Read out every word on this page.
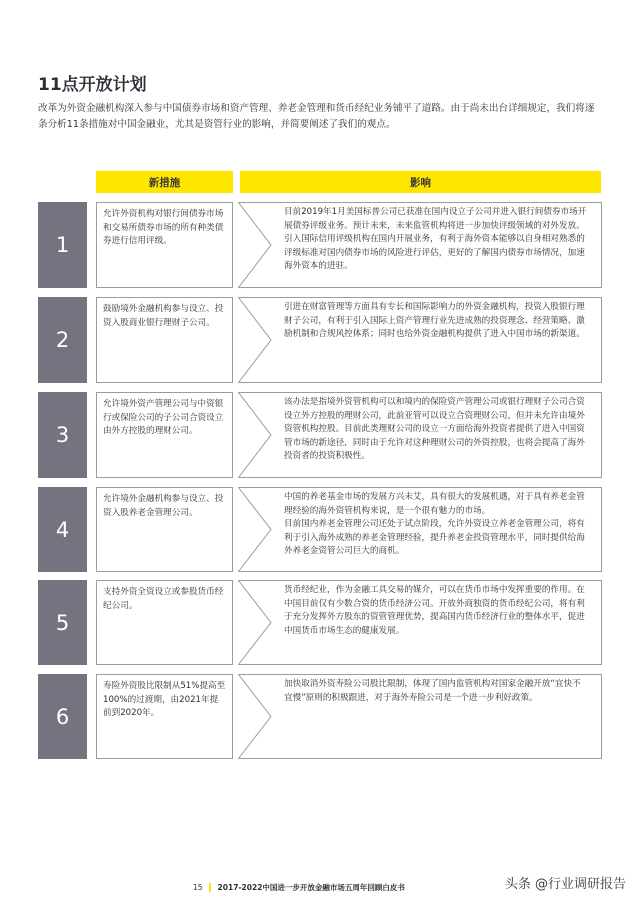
11点开放计划

改革为外资金融机构深入参与中国债券市场和资产管理、养老金管理和货币经纪业务铺平了道路。由于尚未出台详细规定，我们将逐条分析11条措施对中国金融业，尤其是资管行业的影响，并简要阐述了我们的观点。

新措施	影响
1
允许外资机构对银行间债券市场和交易所债券市场的所有种类债券进行信用评级。

目前2019年1月美国标普公司已获准在国内设立子公司并进入银行间债券市场开展债券评级业务。预计未来，未来监管机构将进一步加快评级领域的对外发放。

引入国际信用评级机构在国内开展业务，有利于海外资本能够以自身相对熟悉的评级标准对国内债券市场的风险进行评估，更好的了解国内债券市场情况，加速海外资本的进驻。

2
鼓励境外金融机构参与设立、投资入股商业银行理财子公司。

引进在财富管理等方面具有专长和国际影响力的外资金融机构，投资入股银行理财子公司，有利于引入国际上资产管理行业先进成熟的投资理念、经营策略、激励机制和合规风控体系；同时也给外资金融机构提供了进入中国市场的新渠道。

3
允许境外资产管理公司与中资银行或保险公司的子公司合资设立由外方控股的理财公司。

该办法是指境外资管机构可以和境内的保险资产管理公司或银行理财子公司合资设立外方控股的理财公司，此前亚管可以设立合资理财公司，但并未允许由境外资管机构控股。目前此类理财公司的设立一方面给海外投资者提供了进入中国资管市场的新途径，同时由于允许对这种理财公司的外资控股，也将会提高了海外投资者的投资积极性。

4
允许境外金融机构参与设立、投资入股养老金管理公司。

中国的养老基金市场的发展方兴未艾，具有很大的发展机遇，对于具有养老金管理经验的海外资管机构来说，是一个很有魅力的市场。

目前国内养老金管理公司还处于试点阶段，允许外资设立养老金管理公司，将有利于引入海外成熟的养老金管理经验，提升养老金投资管理水平，同时提供给海外养老金资管公司巨大的商机。

5
支持外资全资设立或参股货币经纪公司。

货币经纪业，作为金融工具交易的媒介，可以在货币市场中发挥重要的作用。在中国目前仅有少数合资的货币经济公司。开放外商独资的货币经纪公司，将有利于充分发挥外方股东的资管管理优势，提高国内货币经济行业的整体水平，促进中国货币市场生态的健康发展。

6
寿险外资股比限制从51%提高至100%的过渡期，由2021年提前到2020年。

加快取消外资寿险公司股比限制，体现了国内监管机构对国家金融开放“宜快不宜慢”原则的积极跟进，对于海外寿险公司是一个进一步利好政策。

15 2017-2022中国进一步开放金融市场五周年回顾白皮书	头条 @行业调研报告
